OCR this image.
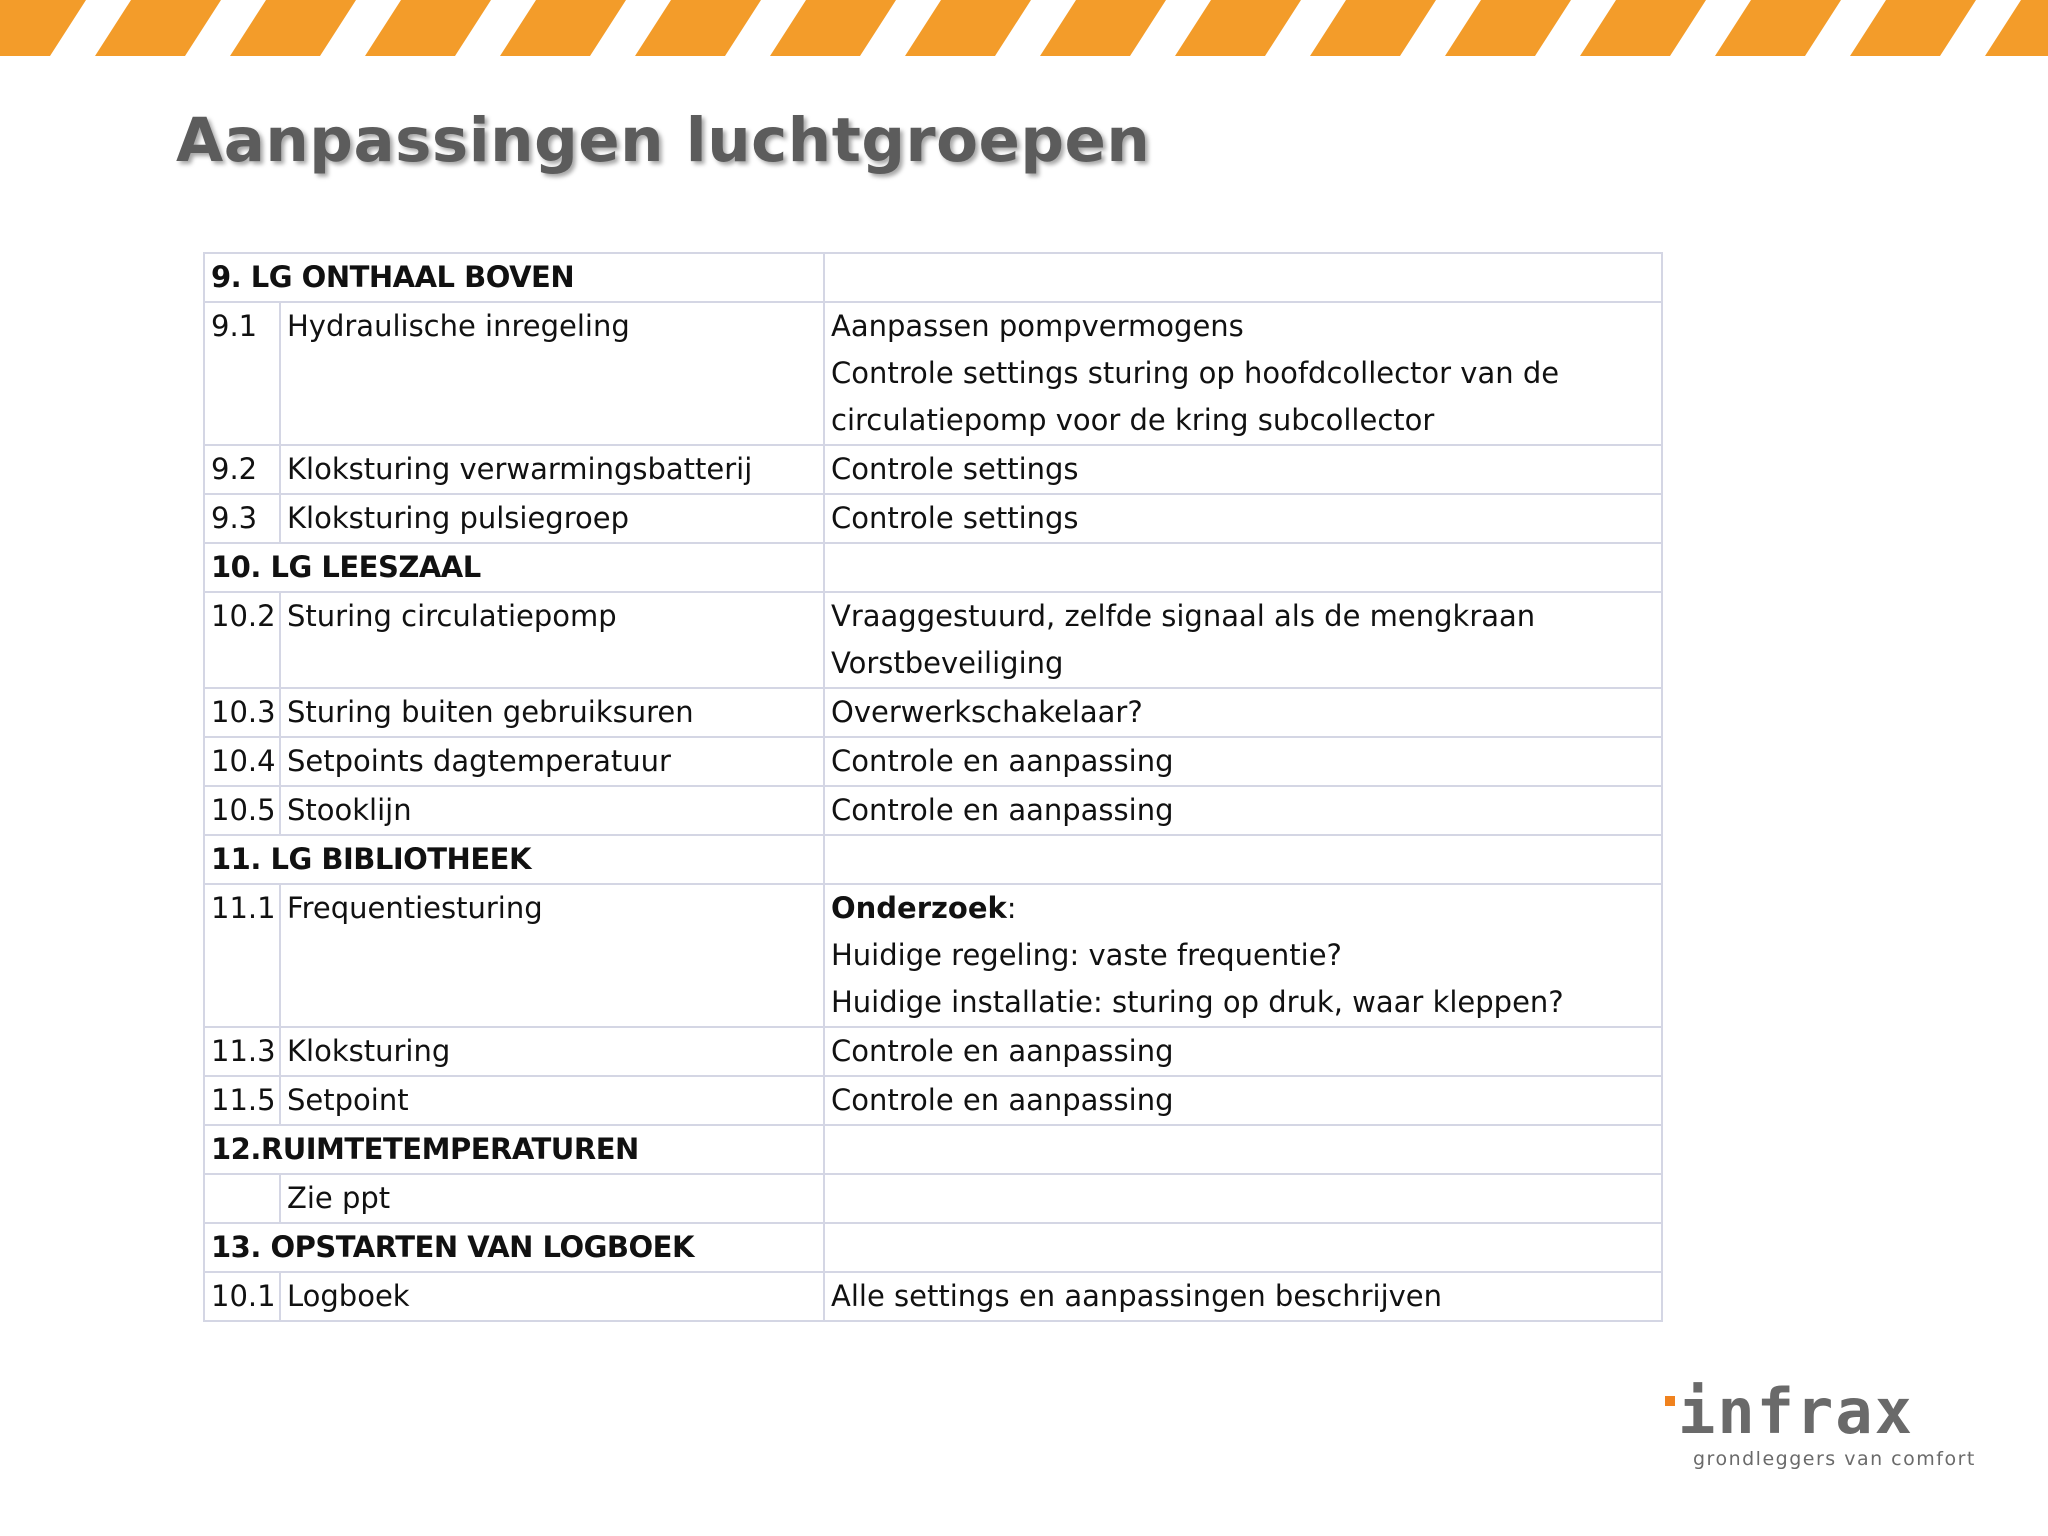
Aanpassingen luchtgroepen
9. LG ONTHAAL BOVEN		
9.1	Hydraulische inregeling	Aanpassen pompvermogens
Controle settings sturing op hoofdcollector van de
circulatiepomp voor de kring subcollector

9.2	Kloksturing verwarmingsbatterij	Controle settings

9.3	Kloksturing pulsiegroep	Controle settings

10. LG LEESZAAL		
10.2	Sturing circulatiepomp	Vraaggestuurd, zelfde signaal als de mengkraan
Vorstbeveiliging

10.3	Sturing buiten gebruiksuren	Overwerkschakelaar?

10.4	Setpoints dagtemperatuur	Controle en aanpassing

10.5	Stooklijn	Controle en aanpassing

11. LG BIBLIOTHEEK		
11.1	Frequentiesturing	Onderzoek:
Huidige regeling: vaste frequentie?
Huidige installatie: sturing op druk, waar kleppen?

11.3	Kloksturing	Controle en aanpassing

11.5	Setpoint	Controle en aanpassing

12.RUIMTETEMPERATUREN		
	Zie ppt	

13. OPSTARTEN VAN LOGBOEK		
10.1	Logboek	Alle settings en aanpassingen beschrijven
infrax
grondleggers van comfort
